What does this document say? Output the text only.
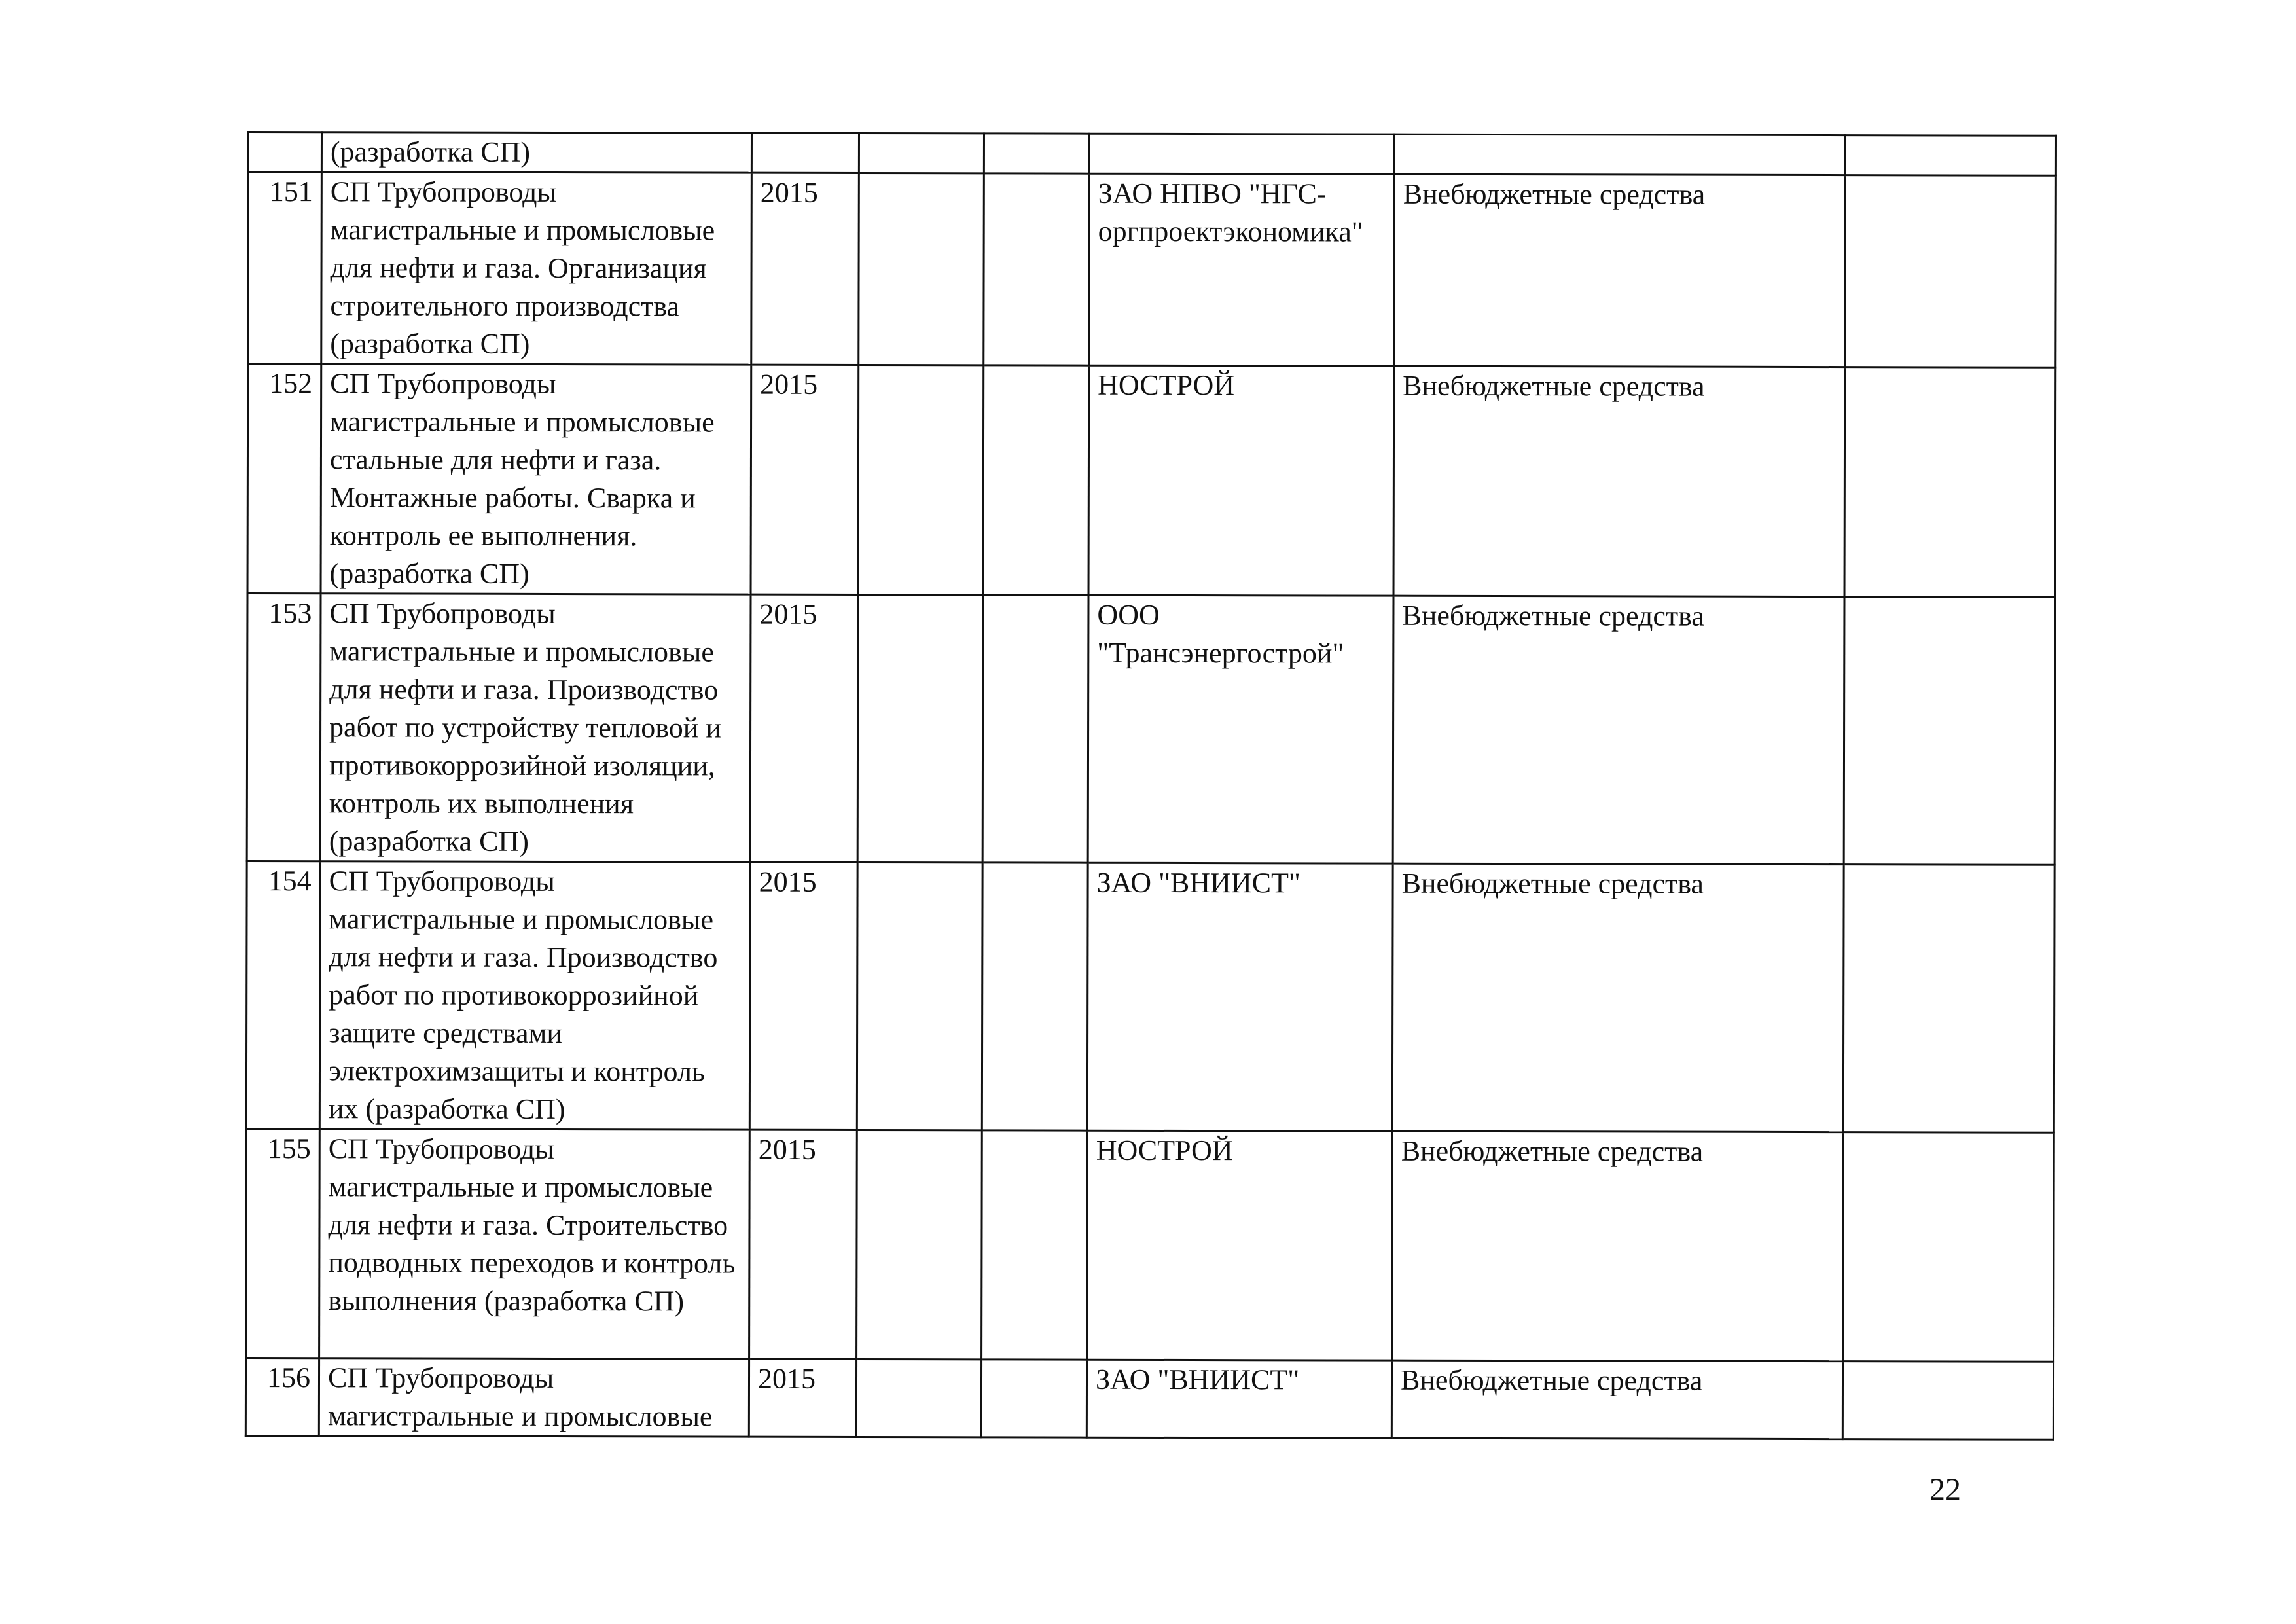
	(разработка СП)						
151	СП Трубопроводы магистральные и промысловые для нефти и газа. Организация строительного производства (разработка СП)	2015			ЗАО НПВО "НГС-оргпроектэкономика"	Внебюджетные средства	
152	СП Трубопроводы магистральные и промысловые стальные для нефти и газа. Монтажные работы. Сварка и контроль ее выполнения. (разработка СП)	2015			НОСТРОЙ	Внебюджетные средства	
153	СП Трубопроводы магистральные и промысловые для нефти и газа. Производство работ по устройству тепловой и противокоррозийной изоляции, контроль их выполнения (разработка СП)	2015			ООО "Трансэнергострой"	Внебюджетные средства	
154	СП Трубопроводы магистральные и промысловые для нефти и газа. Производство работ по противокоррозийной защите средствами электрохимзащиты и контроль их (разработка СП)	2015			ЗАО "ВНИИСТ"	Внебюджетные средства	
155	СП Трубопроводы магистральные и промысловые для нефти и газа. Строительство подводных переходов и контроль выполнения (разработка СП)	2015			НОСТРОЙ	Внебюджетные средства	
156	СП Трубопроводы магистральные и промысловые	2015			ЗАО "ВНИИСТ"	Внебюджетные средства	
22
